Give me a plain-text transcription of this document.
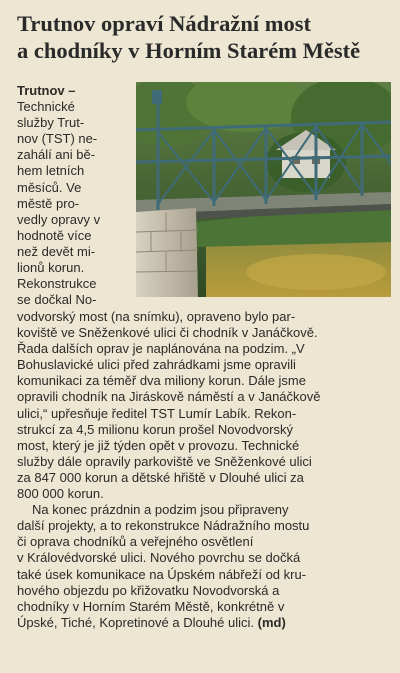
Trutnov opraví Nádražní most
a chodníky v Horním Starém Městě
Trutnov –
Technické
služby Trut-
nov (TST) ne-
zahálí ani bě-
hem letních
měsíců. Ve
městě pro-
vedly opravy v
hodnotě více
než devět mi-
lionů korun.
Rekonstrukce
se dočkal No-
vodvorský most (na snímku), opraveno bylo par-
koviště ve Sněženkové ulici či chodník v Janáčkově.
Řada dalších oprav je naplánována na podzim. „V
Bohuslavické ulici před zahrádkami jsme opravili
komunikaci za téměř dva miliony korun. Dále jsme
opravili chodník na Jiráskově náměstí a v Janáčkově
ulici,“ upřesňuje ředitel TST Lumír Labík. Rekon-
strukcí za 4,5 milionu korun prošel Novodvorský
most, který je již týden opět v provozu. Technické
služby dále opravily parkoviště ve Sněženkové ulici
za 847 000 korun a dětské hřiště v Dlouhé ulici za
800 000 korun.
Na konec prázdnin a podzim jsou připraveny
další projekty, a to rekonstrukce Nádražního mostu
či oprava chodníků a veřejného osvětlení
v Královédvorské ulici. Nového povrchu se dočká
také úsek komunikace na Úpském nábřeží od kru-
hového objezdu po křižovatku Novodvorská a
chodníky v Horním Starém Městě, konkrétně v
Úpské, Tiché, Kopretinové a Dlouhé ulici. (md)
